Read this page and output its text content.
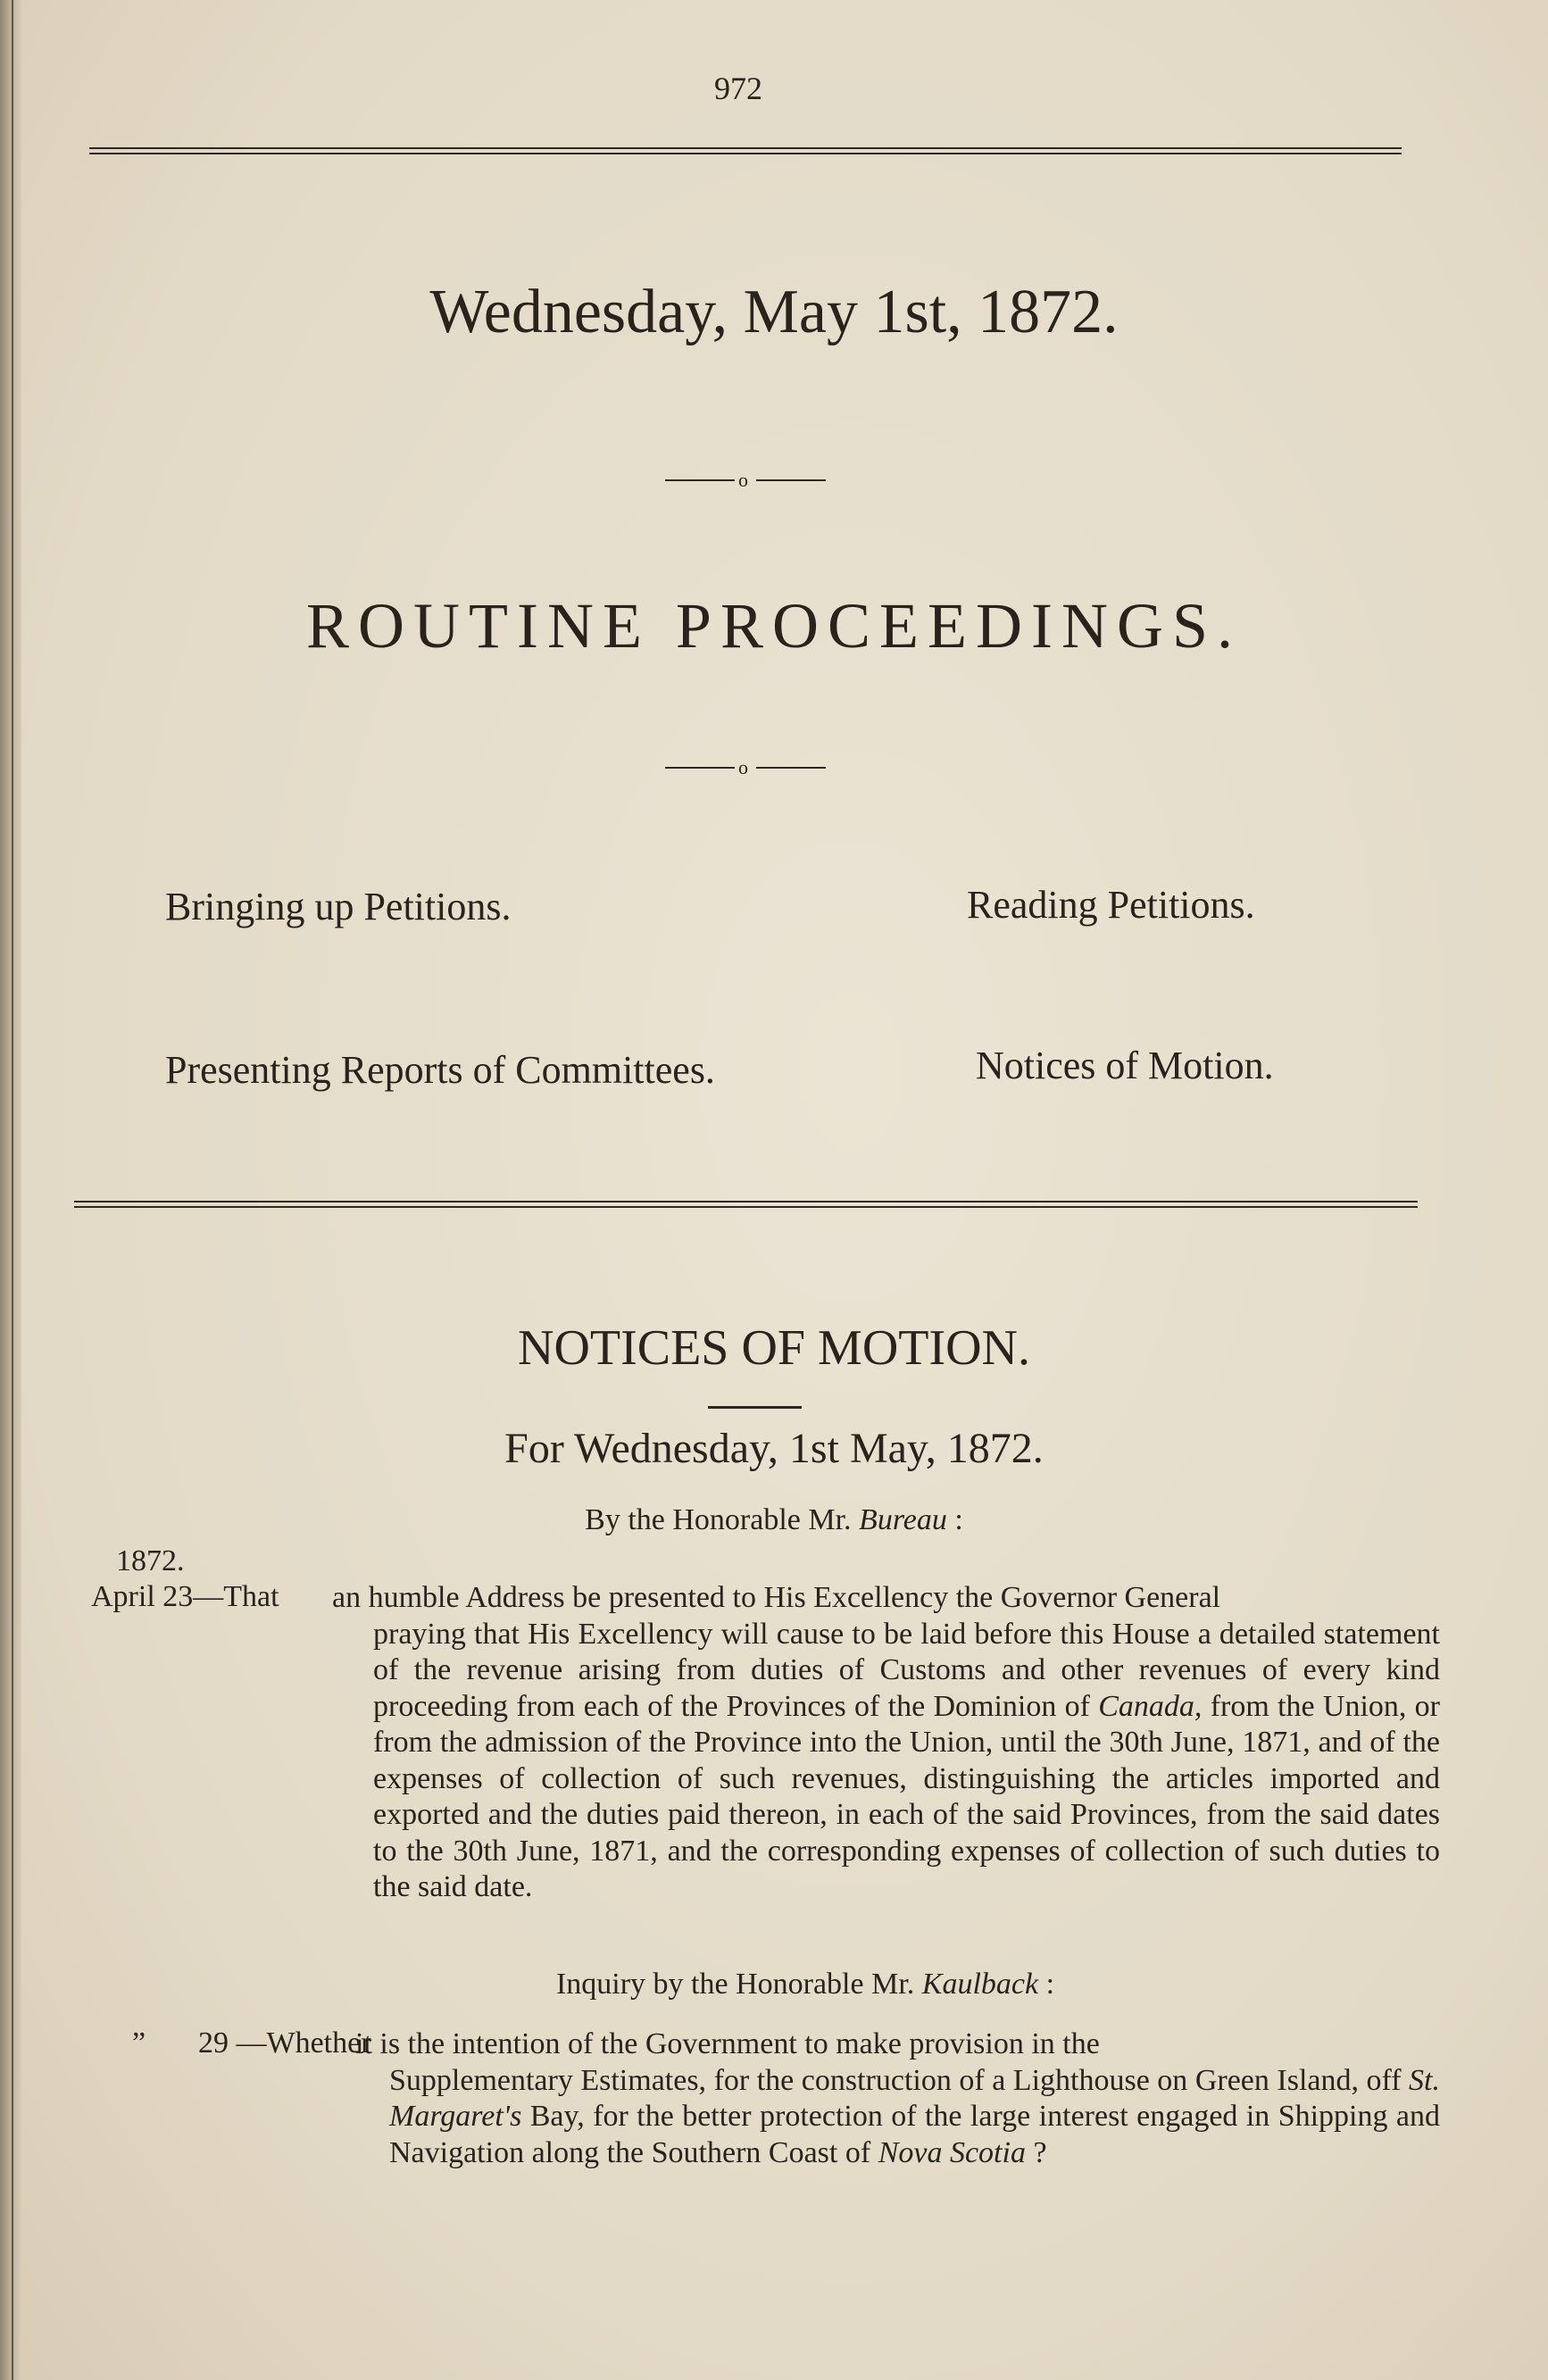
972
Wednesday, May 1st, 1872.
o
ROUTINE PROCEEDINGS.
o
Bringing up Petitions.	Reading Petitions.
Presenting Reports of Committees.	Notices of Motion.
NOTICES OF MOTION.
For Wednesday, 1st May, 1872.
By the Honorable Mr. Bureau :
1872.
April 23—That an humble Address be presented to His Excellency the Governor General
praying that His Excellency will cause to be laid before this House a detailed statement of the revenue arising from duties of Customs and other revenues of every kind proceeding from each of the Provinces of the Dominion of Canada, from the Union, or from the admission of the Province into the Union, until the 30th June, 1871, and of the expenses of collection of such revenues, distinguishing the articles imported and exported and the duties paid thereon, in each of the said Provinces, from the said dates to the 30th June, 1871, and the corresponding expenses of collection of such duties to the said date.
Inquiry by the Honorable Mr. Kaulback :
” 29 —Whether
it is the intention of the Government to make provision in the
Supplementary Estimates, for the construction of a Lighthouse on Green Island, off St. Margaret's Bay, for the better protection of the large interest engaged in Shipping and Navigation along the Southern Coast of Nova Scotia ?
